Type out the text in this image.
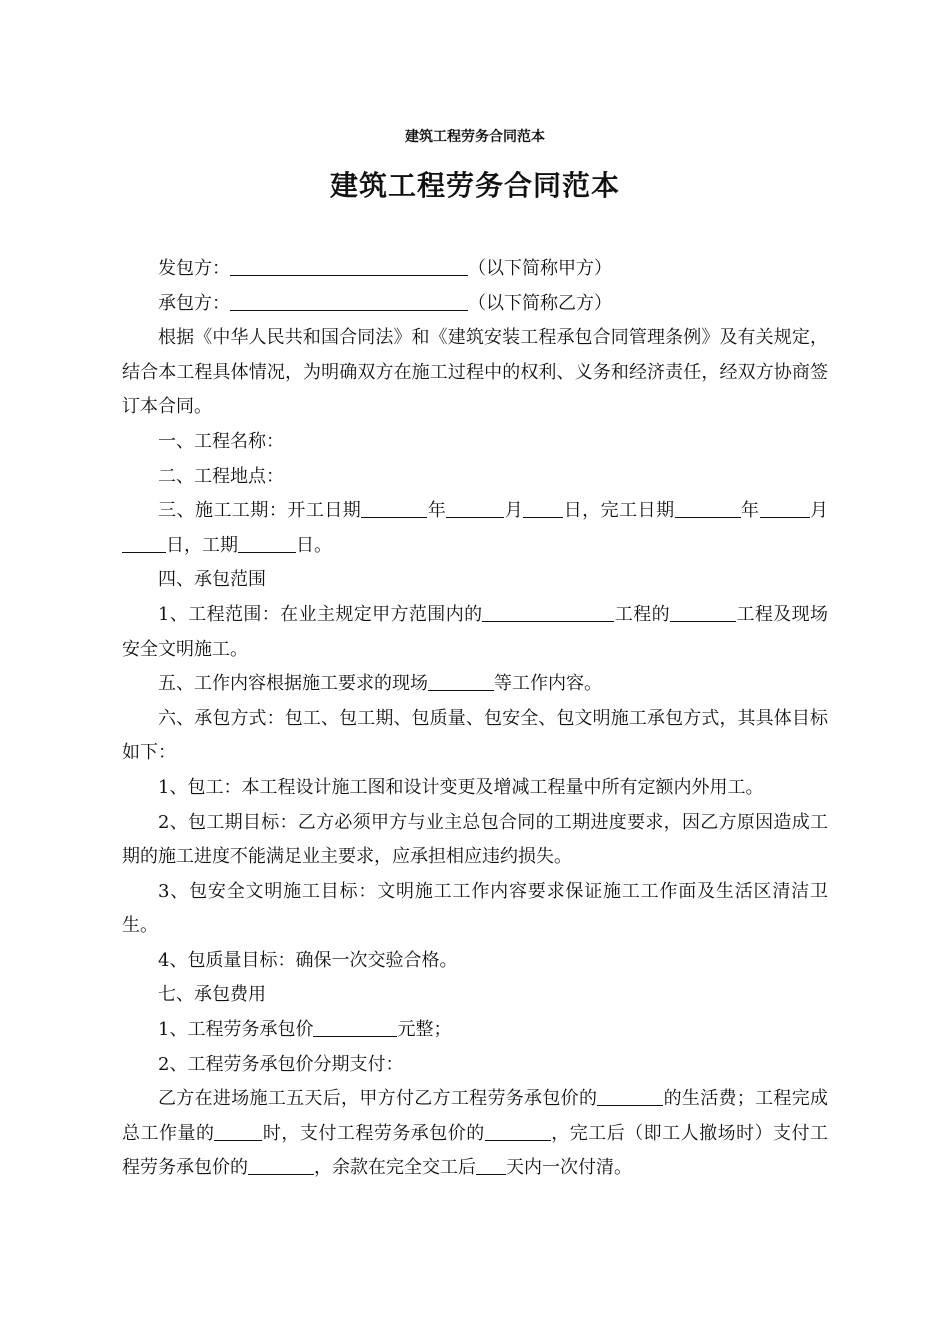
建筑工程劳务合同范本
建筑工程劳务合同范本

发包方：	（以下简称甲方）

承包方：	（以下简称乙方）

根据《中华人民共和国合同法》和《建筑安装工程承包合同管理条例》及有关规定，结合本工程具体情况，为明确双方在施工过程中的权利、义务和经济责任，经双方协商签订本合同。

一、工程名称：

二、工程地点：

三、施工工期：开工日期	年	月 日，完工日期	年	月日，工期	日。

四、承包范围

1、工程范围：在业主规定甲方范围内的	工程的	工程及现场安全文明施工。

五、工作内容根据施工要求的现场	等工作内容。

六、承包方式：包工、包工期、包质量、包安全、包文明施工承包方式，其具体目标如下：

1、包工：本工程设计施工图和设计变更及增减工程量中所有定额内外用工。

2、包工期目标：乙方必须甲方与业主总包合同的工期进度要求，因乙方原因造成工期的施工进度不能满足业主要求，应承担相应违约损失。

3、包安全文明施工目标：文明施工工作内容要求保证施工工作面及生活区清洁卫生。

4、包质量目标：确保一次交验合格。

七、承包费用

1、工程劳务承包价	元整；

2、工程劳务承包价分期支付：

乙方在进场施工五天后，甲方付乙方工程劳务承包价的	的生活费；工程完成总工作量的	时，支付工程劳务承包价的	，完工后（即工人撤场时）支付工程劳务承包价的	，余款在完全交工后 天内一次付清。
